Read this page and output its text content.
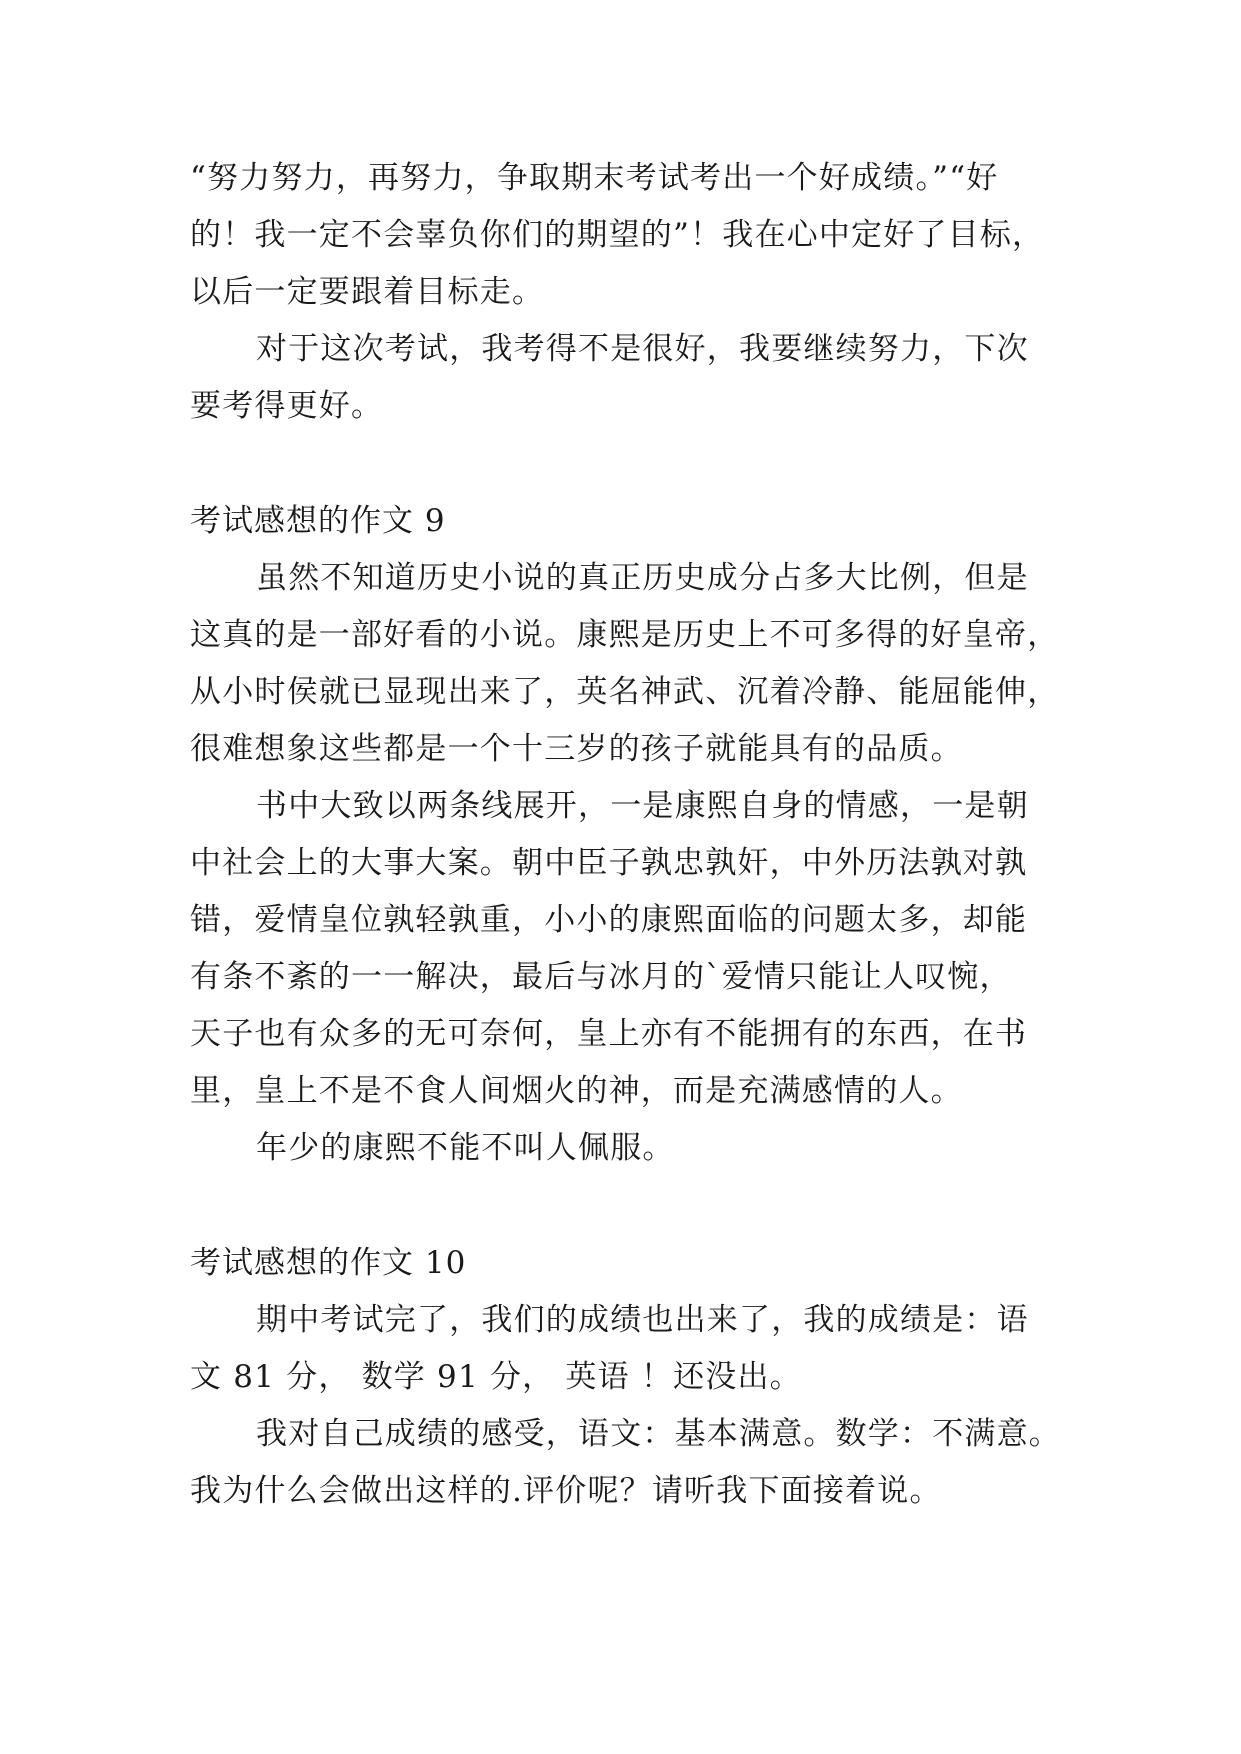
“努力努力，再努力，争取期末考试考出一个好成绩。”“好
的！我一定不会辜负你们的期望的”！我在心中定好了目标，
以后一定要跟着目标走。
对于这次考试，我考得不是很好，我要继续努力，下次
要考得更好。
考试感想的作文 9
虽然不知道历史小说的真正历史成分占多大比例，但是
这真的是一部好看的小说。康熙是历史上不可多得的好皇帝，
从小时侯就已显现出来了，英名神武、沉着冷静、能屈能伸，
很难想象这些都是一个十三岁的孩子就能具有的品质。
书中大致以两条线展开，一是康熙自身的情感，一是朝
中社会上的大事大案。朝中臣子孰忠孰奸，中外历法孰对孰
错，爱情皇位孰轻孰重，小小的康熙面临的问题太多，却能
有条不紊的一一解决，最后与冰月的`爱情只能让人叹惋，
天子也有众多的无可奈何，皇上亦有不能拥有的东西，在书
里，皇上不是不食人间烟火的神，而是充满感情的人。
年少的康熙不能不叫人佩服。
考试感想的作文 10
期中考试完了，我们的成绩也出来了，我的成绩是：语
文 81 分， 数学 91 分， 英语 ！还没出。
我对自己成绩的感受，语文：基本满意。数学：不满意。
我为什么会做出这样的.评价呢？请听我下面接着说。
